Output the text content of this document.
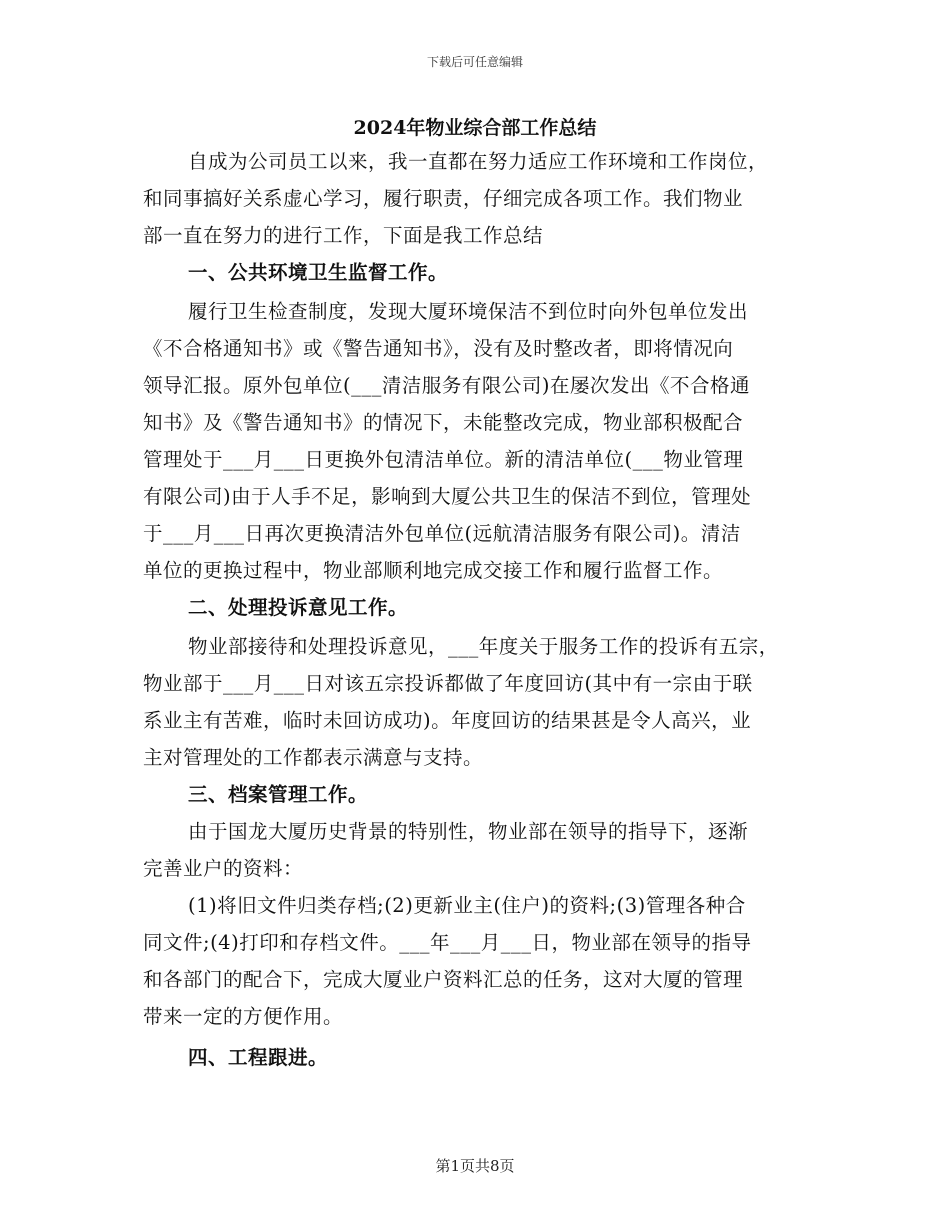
下载后可任意编辑
2024年物业综合部工作总结
自成为公司员工以来，我一直都在努力适应工作环境和工作岗位，
和同事搞好关系虚心学习，履行职责，仔细完成各项工作。我们物业
部一直在努力的进行工作，下面是我工作总结
一、公共环境卫生监督工作。
履行卫生检查制度，发现大厦环境保洁不到位时向外包单位发出
《不合格通知书》或《警告通知书》，没有及时整改者，即将情况向
领导汇报。原外包单位(___清洁服务有限公司)在屡次发出《不合格通
知书》及《警告通知书》的情况下，未能整改完成，物业部积极配合
管理处于___月___日更换外包清洁单位。新的清洁单位(___物业管理
有限公司)由于人手不足，影响到大厦公共卫生的保洁不到位，管理处
于___月___日再次更换清洁外包单位(远航清洁服务有限公司)。清洁
单位的更换过程中，物业部顺利地完成交接工作和履行监督工作。
二、处理投诉意见工作。
物业部接待和处理投诉意见，___年度关于服务工作的投诉有五宗，
物业部于___月___日对该五宗投诉都做了年度回访(其中有一宗由于联
系业主有苦难，临时未回访成功)。年度回访的结果甚是令人高兴，业
主对管理处的工作都表示满意与支持。
三、档案管理工作。
由于国龙大厦历史背景的特别性，物业部在领导的指导下，逐渐
完善业户的资料：
(1)将旧文件归类存档;(2)更新业主(住户)的资料;(3)管理各种合
同文件;(4)打印和存档文件。___年___月___日，物业部在领导的指导
和各部门的配合下，完成大厦业户资料汇总的任务，这对大厦的管理
带来一定的方便作用。
四、工程跟进。
第1页共8页
